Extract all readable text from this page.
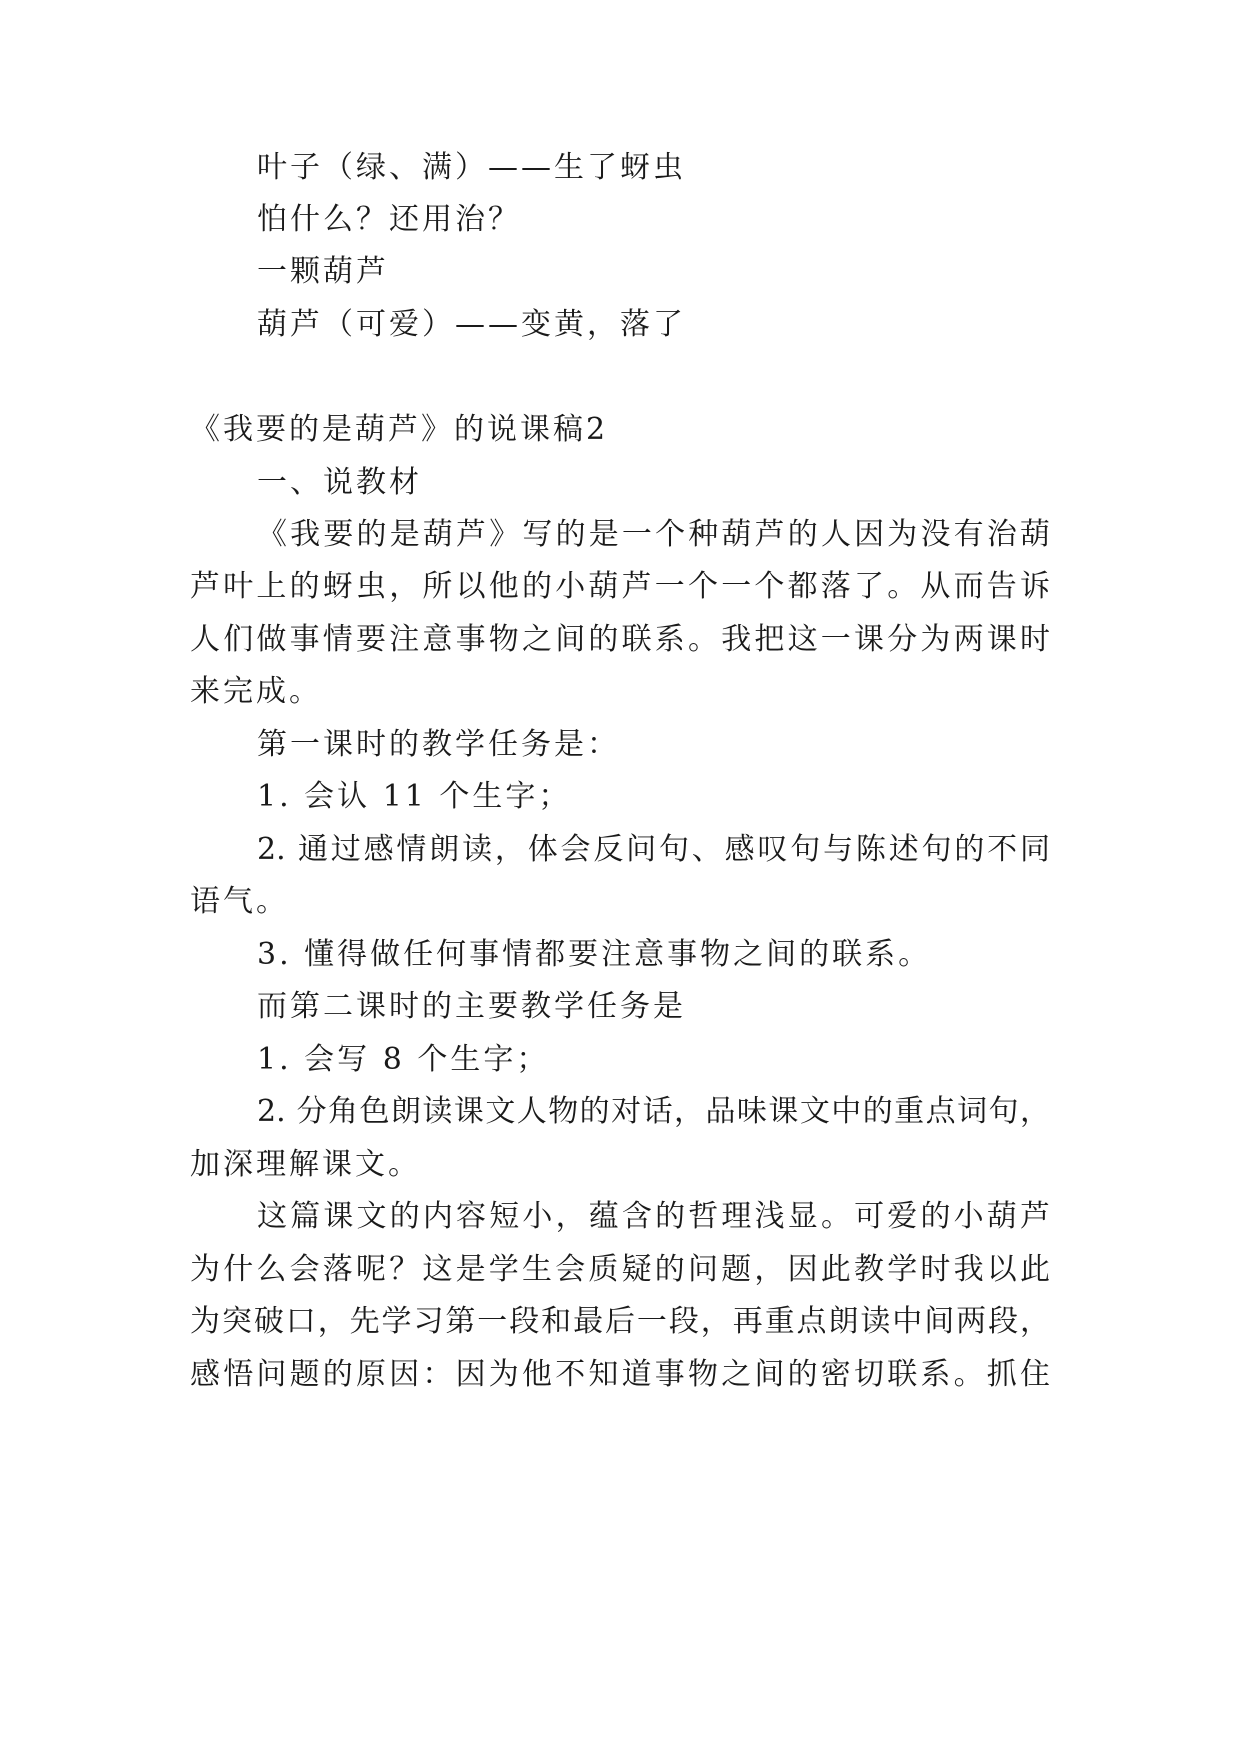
叶子（绿、满）——生了蚜虫
怕什么？还用治？
一颗葫芦
葫芦（可爱）——变黄，落了
《我要的是葫芦》的说课稿2
一、说教材
《我要的是葫芦》写的是一个种葫芦的人因为没有治葫
芦叶上的蚜虫，所以他的小葫芦一个一个都落了。从而告诉
人们做事情要注意事物之间的联系。我把这一课分为两课时
来完成。
第一课时的教学任务是：
1. 会认 11 个生字；
2. 通过感情朗读，体会反问句、感叹句与陈述句的不同
语气。
3. 懂得做任何事情都要注意事物之间的联系。
而第二课时的主要教学任务是
1. 会写 8 个生字；
2. 分角色朗读课文人物的对话，品味课文中的重点词句，
加深理解课文。
这篇课文的内容短小，蕴含的哲理浅显。可爱的小葫芦
为什么会落呢？这是学生会质疑的问题，因此教学时我以此
为突破口，先学习第一段和最后一段，再重点朗读中间两段，
感悟问题的原因：因为他不知道事物之间的密切联系。抓住
